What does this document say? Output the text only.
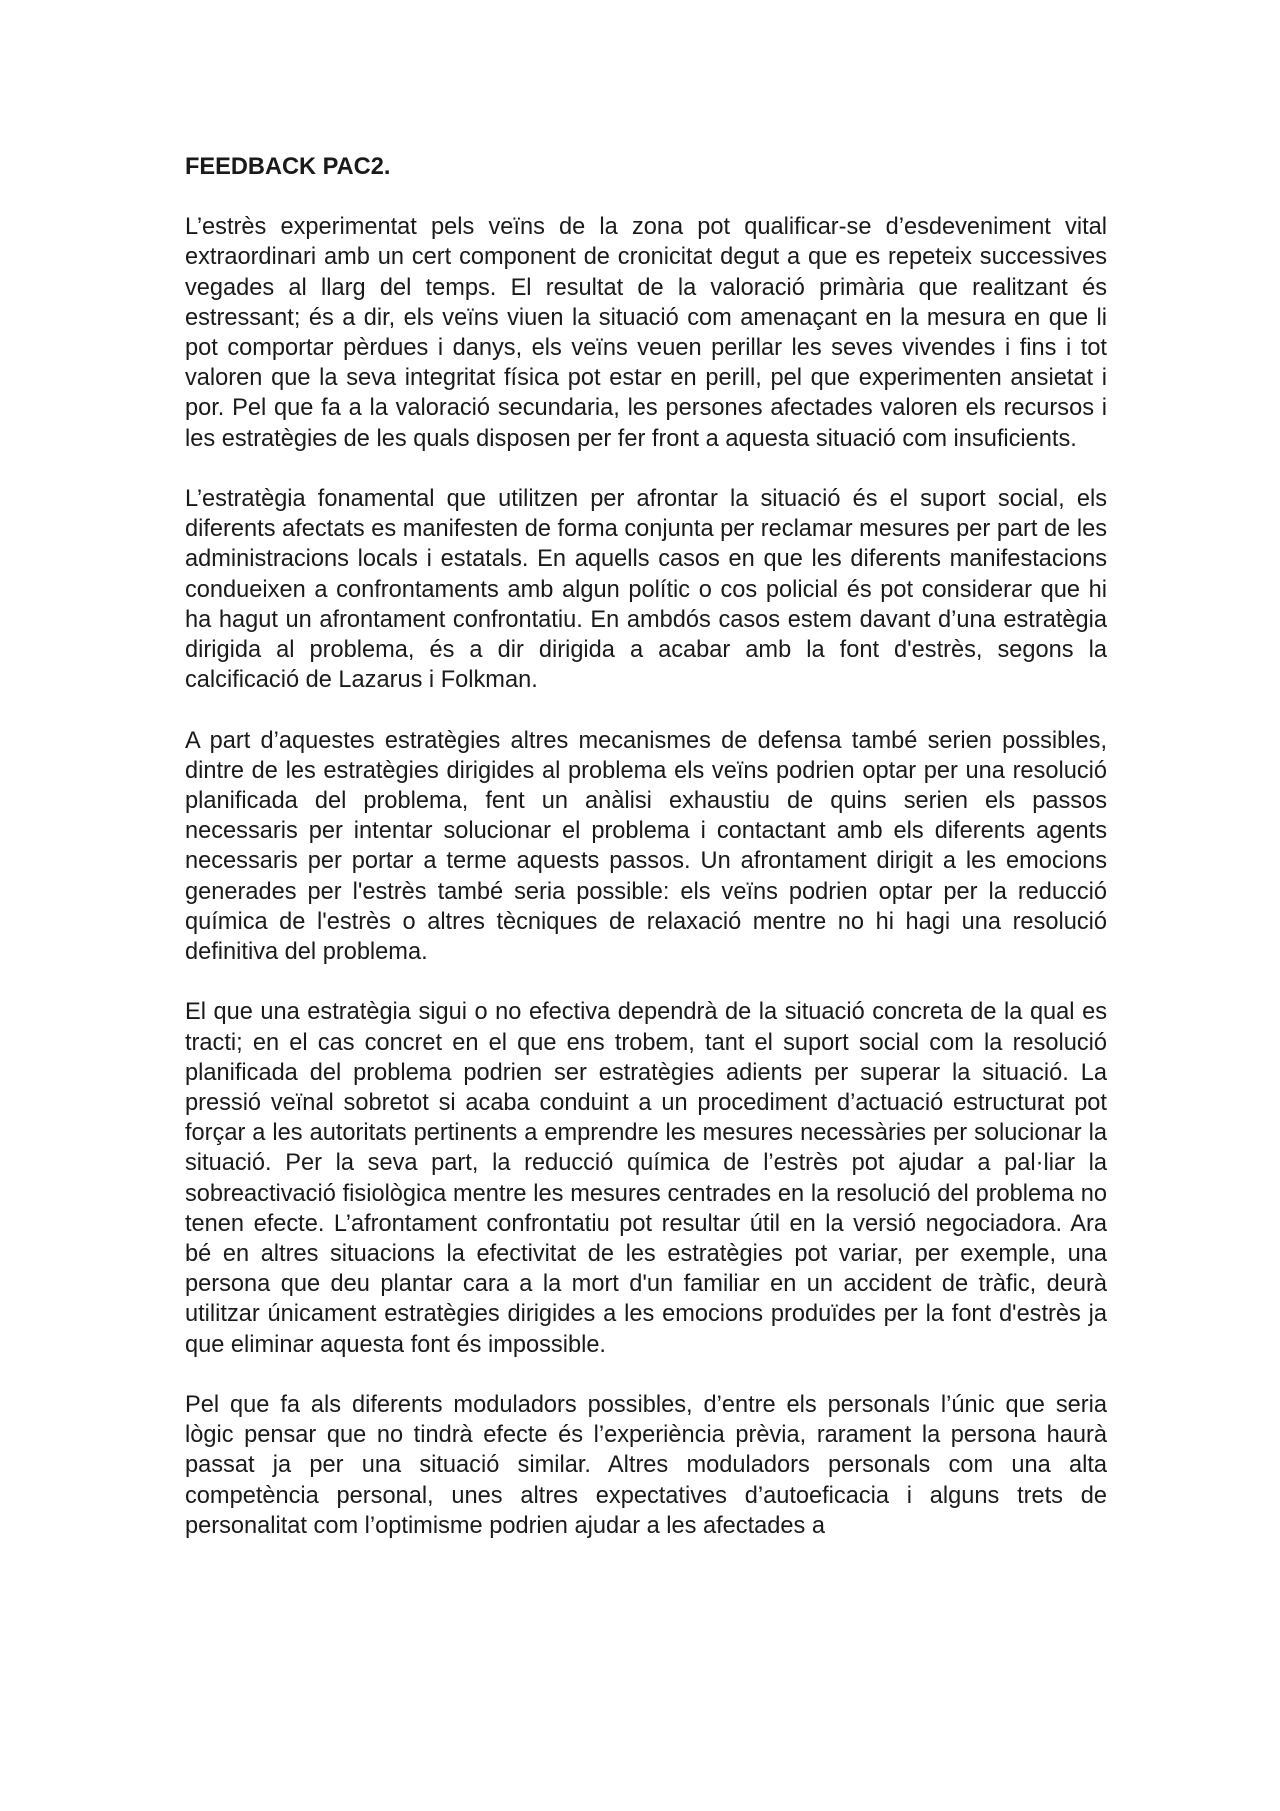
FEEDBACK PAC2.

L’estrès experimentat pels veïns de la zona pot qualificar-se d’esdeveniment vital extraordinari amb un cert component de cronicitat degut a que es repeteix successives vegades al llarg del temps. El resultat de la valoració primària que realitzant és estressant; és a dir, els veïns viuen la situació com amenaçant en la mesura en que li pot comportar pèrdues i danys, els veïns veuen perillar les seves vivendes i fins i tot valoren que la seva integritat física pot estar en perill, pel que experimenten ansietat i por. Pel que fa a la valoració secundaria, les persones afectades valoren els recursos i les estratègies de les quals disposen per fer front a aquesta situació com insuficients.

L’estratègia fonamental que utilitzen per afrontar la situació és el suport social, els diferents afectats es manifesten de forma conjunta per reclamar mesures per part de les administracions locals i estatals. En aquells casos en que les diferents manifestacions condueixen a confrontaments amb algun polític o cos policial és pot considerar que hi ha hagut un afrontament confrontatiu. En ambdós casos estem davant d’una estratègia dirigida al problema, és a dir dirigida a acabar amb la font d'estrès, segons la calcificació de Lazarus i Folkman.

A part d’aquestes estratègies altres mecanismes de defensa també serien possibles, dintre de les estratègies dirigides al problema els veïns podrien optar per una resolució planificada del problema, fent un anàlisi exhaustiu de quins serien els passos necessaris per intentar solucionar el problema i contactant amb els diferents agents necessaris per portar a terme aquests passos. Un afrontament dirigit a les emocions generades per l'estrès també seria possible: els veïns podrien optar per la reducció química de l'estrès o altres tècniques de relaxació mentre no hi hagi una resolució definitiva del problema.

El que una estratègia sigui o no efectiva dependrà de la situació concreta de la qual es tracti; en el cas concret en el que ens trobem, tant el suport social com la resolució planificada del problema podrien ser estratègies adients per superar la situació. La pressió veïnal sobretot si acaba conduint a un procediment d’actuació estructurat pot forçar a les autoritats pertinents a emprendre les mesures necessàries per solucionar la situació. Per la seva part, la reducció química de l’estrès pot ajudar a pal·liar la sobreactivació fisiològica mentre les mesures centrades en la resolució del problema no tenen efecte. L’afrontament confrontatiu pot resultar útil en la versió negociadora. Ara bé en altres situacions la efectivitat de les estratègies pot variar, per exemple, una persona que deu plantar cara a la mort d'un familiar en un accident de tràfic, deurà utilitzar únicament estratègies dirigides a les emocions produïdes per la font d'estrès ja que eliminar aquesta font és impossible.

Pel que fa als diferents moduladors possibles, d’entre els personals l’únic que seria lògic pensar que no tindrà efecte és l’experiència prèvia, rarament la persona haurà passat ja per una situació similar. Altres moduladors personals com una alta competència personal, unes altres expectatives d’autoeficacia i alguns trets de personalitat com l’optimisme podrien ajudar a les afectades a
